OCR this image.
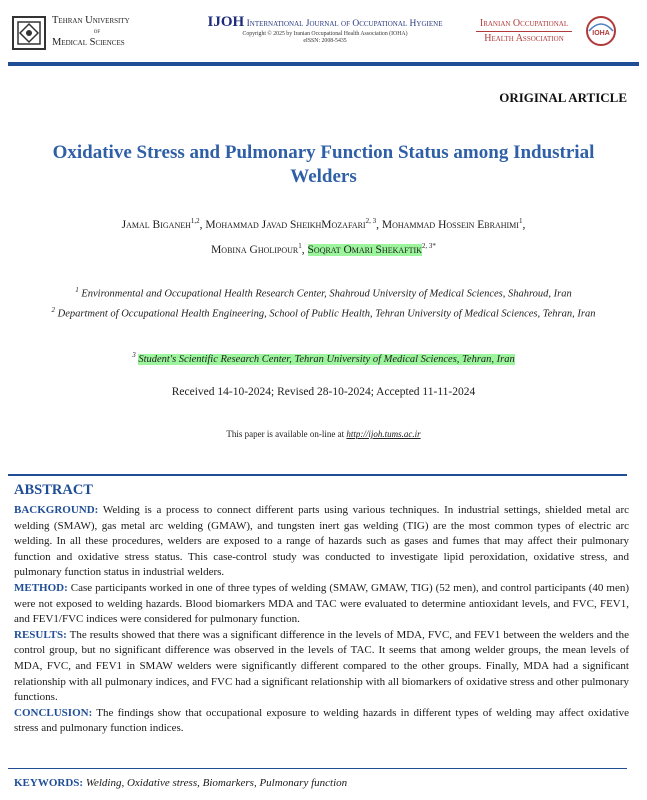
Tehran University
of
Medical Sciences
IJOH International Journal of Occupational Hygiene
Copyright © 2025 by Iranian Occupational Health Association (IOHA)
eISSN: 2008-5435
Iranian Occupational
Health Association	IOHA
ORIGINAL ARTICLE
Oxidative Stress and Pulmonary Function Status among Industrial Welders
Jamal Biganeh$^{1,2}$, Mohammad Javad SheikhMozafari$^{2, 3}$, Mohammad Hossein Ebrahimi$^1$,
Mobina Gholipour$^1$, Soqrat Omari Shekaftik$^{2, 3*}$
$^1$ Environmental and Occupational Health Research Center, Shahroud University of Medical Sciences, Shahroud, Iran
$^2$ Department of Occupational Health Engineering, School of Public Health, Tehran University of Medical Sciences, Tehran, Iran
$^3$ Student's Scientific Research Center, Tehran University of Medical Sciences, Tehran, Iran
Received 14-10-2024; Revised 28-10-2024; Accepted 11-11-2024
This paper is available on-line at http://ijoh.tums.ac.ir
ABSTRACT

BACKGROUND: Welding is a process to connect different parts using various techniques. In industrial settings, shielded metal arc welding (SMAW), gas metal arc welding (GMAW), and tungsten inert gas welding (TIG) are the most common types of electric arc welding. In all these procedures, welders are exposed to a range of hazards such as gases and fumes that may affect their pulmonary function and oxidative stress status. This case-control study was conducted to investigate lipid peroxidation, oxidative stress, and pulmonary function status in industrial welders.

METHOD: Case participants worked in one of three types of welding (SMAW, GMAW, TIG) (52 men), and control participants (40 men) were not exposed to welding hazards. Blood biomarkers MDA and TAC were evaluated to determine antioxidant levels, and FVC, FEV1, and FEV1/FVC indices were considered for pulmonary function.

RESULTS: The results showed that there was a significant difference in the levels of MDA, FVC, and FEV1 between the welders and the control group, but no significant difference was observed in the levels of TAC. It seems that among welder groups, the mean levels of MDA, FVC, and FEV1 in SMAW welders were significantly different compared to the other groups. Finally, MDA had a significant relationship with all pulmonary indices, and FVC had a significant relationship with all biomarkers of oxidative stress and other pulmonary functions.

CONCLUSION: The findings show that occupational exposure to welding hazards in different types of welding may affect oxidative stress and pulmonary function indices.

KEYWORDS: Welding, Oxidative stress, Biomarkers, Pulmonary function
